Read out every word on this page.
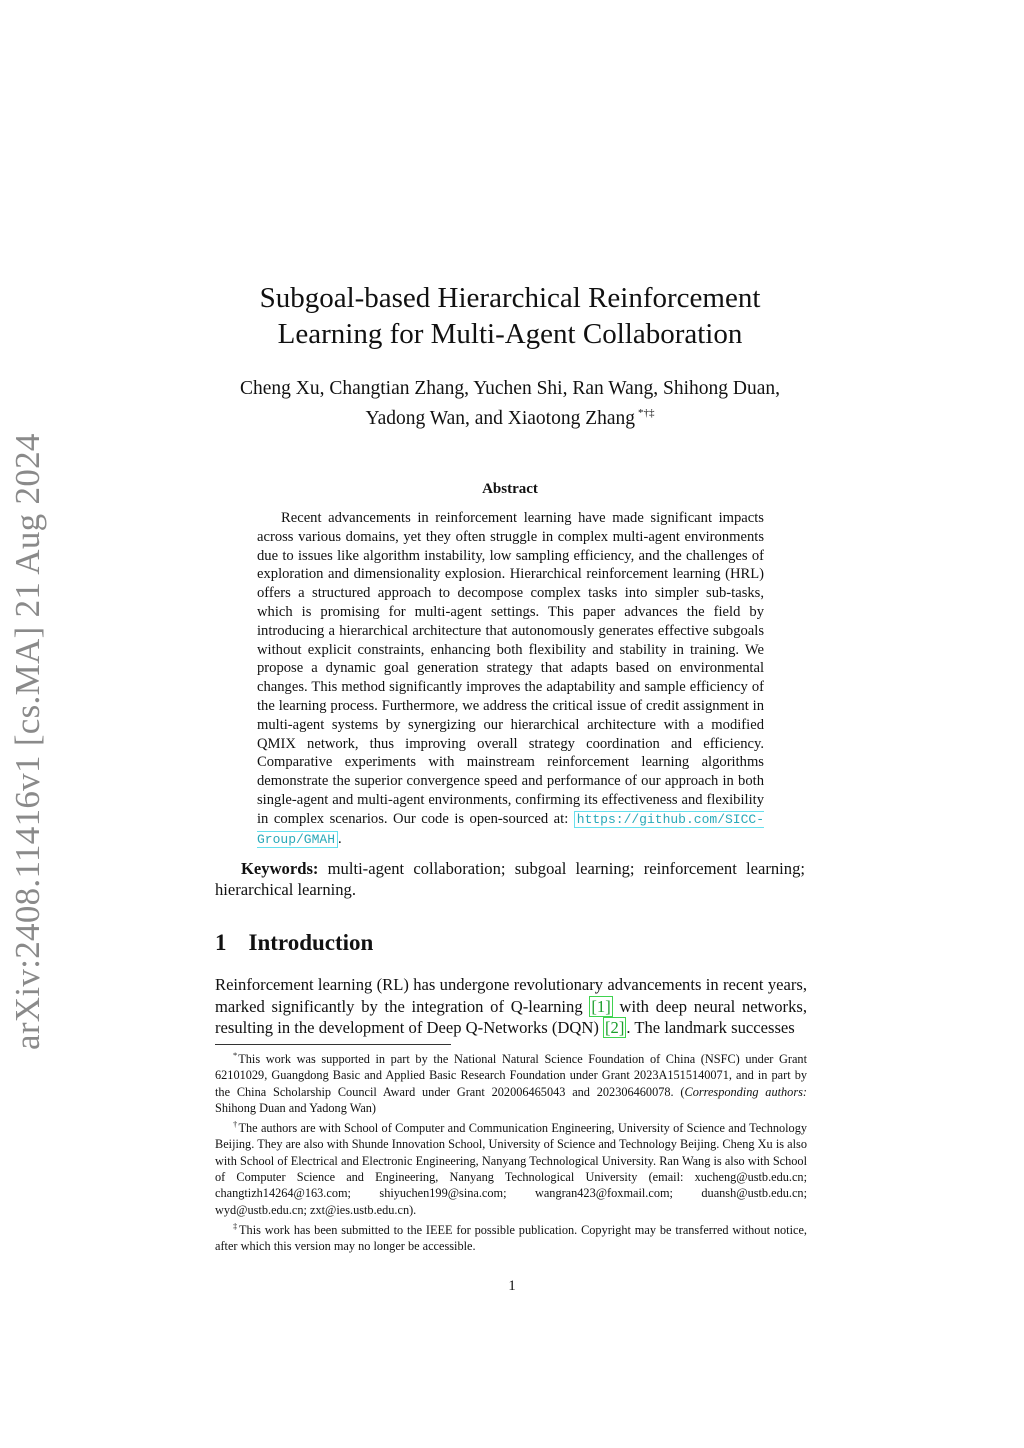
arXiv:2408.11416v1 [cs.MA] 21 Aug 2024
Subgoal-based Hierarchical Reinforcement
Learning for Multi-Agent Collaboration
Cheng Xu, Changtian Zhang, Yuchen Shi, Ran Wang, Shihong Duan,
Yadong Wan, and Xiaotong Zhang *†‡
Abstract
Recent advancements in reinforcement learning have made significant impacts across various domains, yet they often struggle in complex multi-agent environments due to issues like algorithm instability, low sampling efficiency, and the challenges of exploration and dimensionality explosion. Hierarchical reinforcement learning (HRL) offers a structured approach to decompose complex tasks into simpler sub-tasks, which is promising for multi-agent settings. This paper advances the field by introducing a hierarchical architecture that autonomously generates effective subgoals without explicit constraints, enhancing both flexibility and stability in training. We propose a dynamic goal generation strategy that adapts based on environmental changes. This method significantly improves the adaptability and sample efficiency of the learning process. Furthermore, we address the critical issue of credit assignment in multi-agent systems by synergizing our hierarchical architecture with a modified QMIX network, thus improving overall strategy coordination and efficiency. Comparative experiments with mainstream reinforcement learning algorithms demonstrate the superior convergence speed and performance of our approach in both single-agent and multi-agent environments, confirming its effectiveness and flexibility in complex scenarios. Our code is open-sourced at: https://github.com/SICC-Group/GMAH .
Keywords: multi-agent collaboration; subgoal learning; reinforcement learning; hierarchical learning.
1 Introduction
Reinforcement learning (RL) has undergone revolutionary advancements in recent years, marked significantly by the integration of Q-learning [1] with deep neural networks, resulting in the development of Deep Q-Networks (DQN) [2] . The landmark successes

*This work was supported in part by the National Natural Science Foundation of China (NSFC) under Grant 62101029, Guangdong Basic and Applied Basic Research Foundation under Grant 2023A1515140071, and in part by the China Scholarship Council Award under Grant 202006465043 and 202306460078. (Corresponding authors: Shihong Duan and Yadong Wan)

†The authors are with School of Computer and Communication Engineering, University of Science and Technology Beijing. They are also with Shunde Innovation School, University of Science and Technology Beijing. Cheng Xu is also with School of Electrical and Electronic Engineering, Nanyang Technological University. Ran Wang is also with School of Computer Science and Engineering, Nanyang Technological University (email: xucheng@ustb.edu.cn; changtizh14264@163.com; shiyuchen199@sina.com; wangran423@foxmail.com; duansh@ustb.edu.cn; wyd@ustb.edu.cn; zxt@ies.ustb.edu.cn).

‡This work has been submitted to the IEEE for possible publication. Copyright may be transferred without notice, after which this version may no longer be accessible.

1
